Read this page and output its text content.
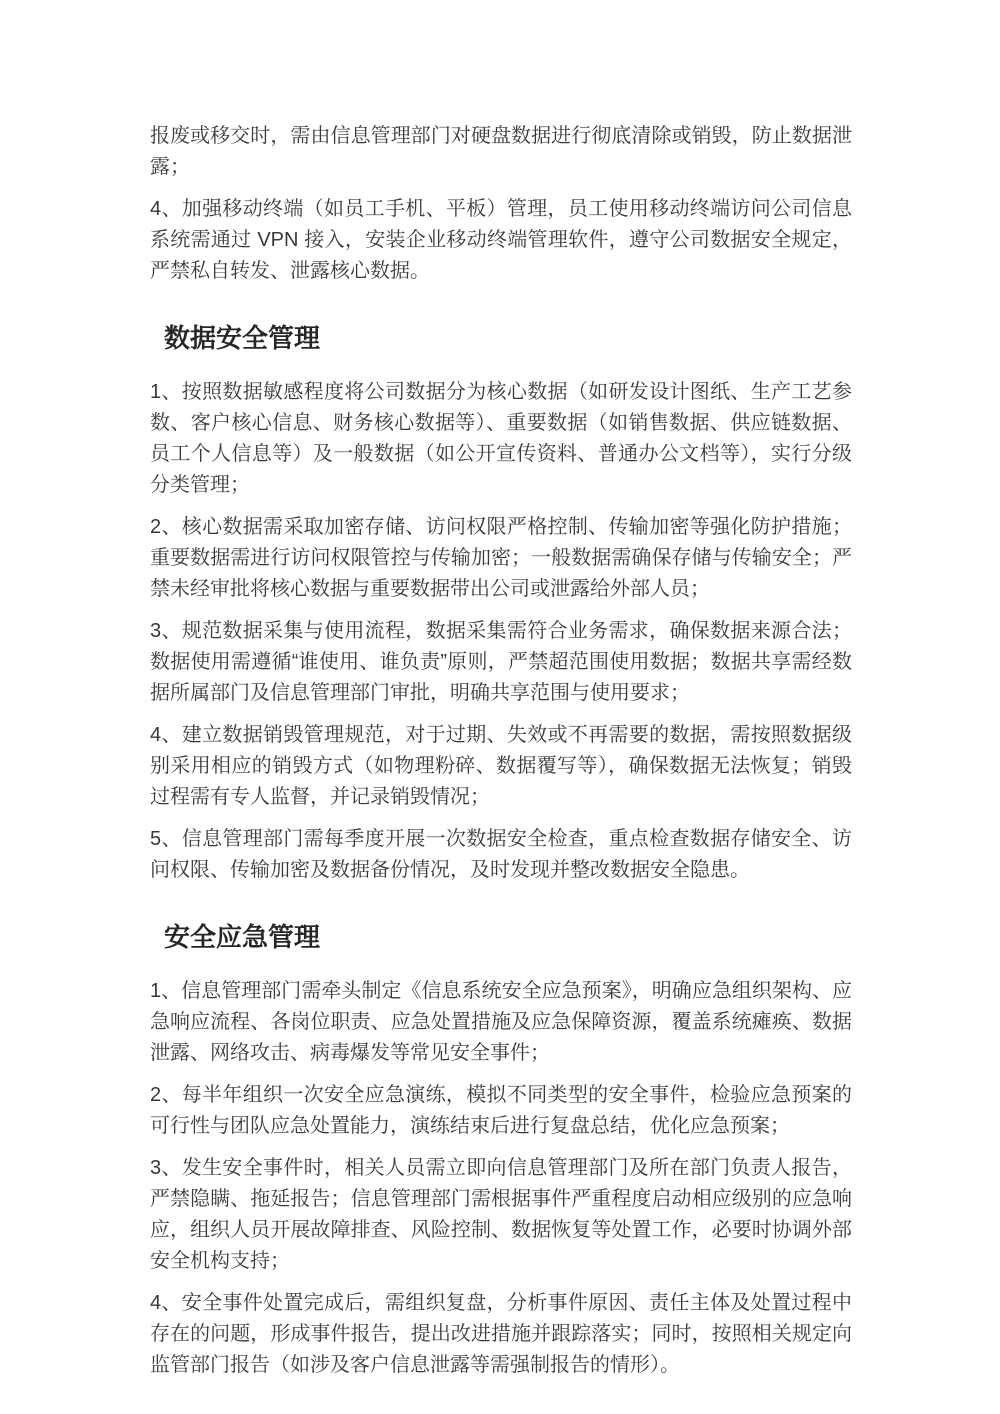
报废或移交时，需由信息管理部门对硬盘数据进行彻底清除或销毁，防止数据泄露；

4、加强移动终端（如员工手机、平板）管理，员工使用移动终端访问公司信息系统需通过 VPN 接入，安装企业移动终端管理软件，遵守公司数据安全规定，严禁私自转发、泄露核心数据。

数据安全管理

1、按照数据敏感程度将公司数据分为核心数据（如研发设计图纸、生产工艺参数、客户核心信息、财务核心数据等）、重要数据（如销售数据、供应链数据、员工个人信息等）及一般数据（如公开宣传资料、普通办公文档等），实行分级分类管理；

2、核心数据需采取加密存储、访问权限严格控制、传输加密等强化防护措施；重要数据需进行访问权限管控与传输加密；一般数据需确保存储与传输安全；严禁未经审批将核心数据与重要数据带出公司或泄露给外部人员；

3、规范数据采集与使用流程，数据采集需符合业务需求，确保数据来源合法；数据使用需遵循“谁使用、谁负责”原则，严禁超范围使用数据；数据共享需经数据所属部门及信息管理部门审批，明确共享范围与使用要求；

4、建立数据销毁管理规范，对于过期、失效或不再需要的数据，需按照数据级别采用相应的销毁方式（如物理粉碎、数据覆写等），确保数据无法恢复；销毁过程需有专人监督，并记录销毁情况；

5、信息管理部门需每季度开展一次数据安全检查，重点检查数据存储安全、访问权限、传输加密及数据备份情况，及时发现并整改数据安全隐患。

安全应急管理

1、信息管理部门需牵头制定《信息系统安全应急预案》，明确应急组织架构、应急响应流程、各岗位职责、应急处置措施及应急保障资源，覆盖系统瘫痪、数据泄露、网络攻击、病毒爆发等常见安全事件；

2、每半年组织一次安全应急演练，模拟不同类型的安全事件，检验应急预案的可行性与团队应急处置能力，演练结束后进行复盘总结，优化应急预案；

3、发生安全事件时，相关人员需立即向信息管理部门及所在部门负责人报告，严禁隐瞒、拖延报告；信息管理部门需根据事件严重程度启动相应级别的应急响应，组织人员开展故障排查、风险控制、数据恢复等处置工作，必要时协调外部安全机构支持；

4、安全事件处置完成后，需组织复盘，分析事件原因、责任主体及处置过程中存在的问题，形成事件报告，提出改进措施并跟踪落实；同时，按照相关规定向监管部门报告（如涉及客户信息泄露等需强制报告的情形）。
